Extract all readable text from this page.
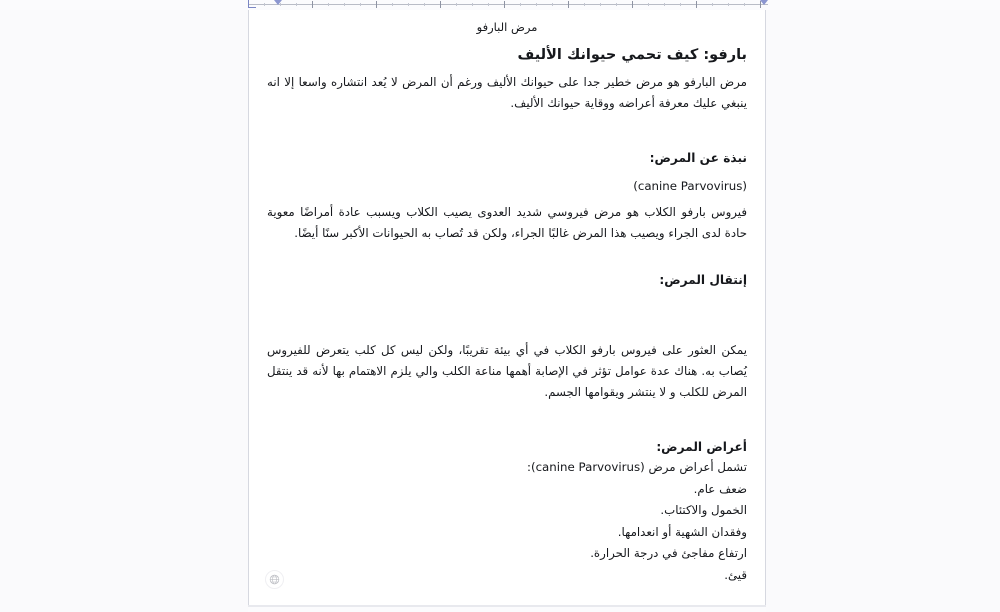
مرض البارفو

بارفو: كيف تحمي حيوانك الأليف

مرض البارفو هو مرض خطير جدا على حيوانك الأليف ورغم أن المرض لا يُعد انتشاره واسعا إلا انه ينبغي عليك معرفة أعراضه ووقاية حيوانك الأليف.

نبذة عن المرض:

(canine Parvovirus)

فيروس بارفو الكلاب هو مرض فيروسي شديد العدوى يصيب الكلاب ويسبب عادة أمراضًا معوية حادة لدى الجراء ويصيب هذا المرض غالبًا الجراء، ولكن قد تُصاب به الحيوانات الأكبر سنًا أيضًا.

إنتقال المرض:

يمكن العثور على فيروس بارفو الكلاب في أي بيئة تقريبًا، ولكن ليس كل كلب يتعرض للفيروس يُصاب به. هناك عدة عوامل تؤثر في الإصابة أهمها مناعة الكلب والي يلزم الاهتمام بها لأنه قد ينتقل المرض للكلب و لا ينتشر ويقوامها الجسم.

أعراض المرض:

تشمل أعراض مرض (canine Parvovirus):

ضعف عام.

الخمول والاكتئاب.

وفقدان الشهية أو انعدامها.

ارتفاع مفاجئ في درجة الحرارة.

قيئ.
